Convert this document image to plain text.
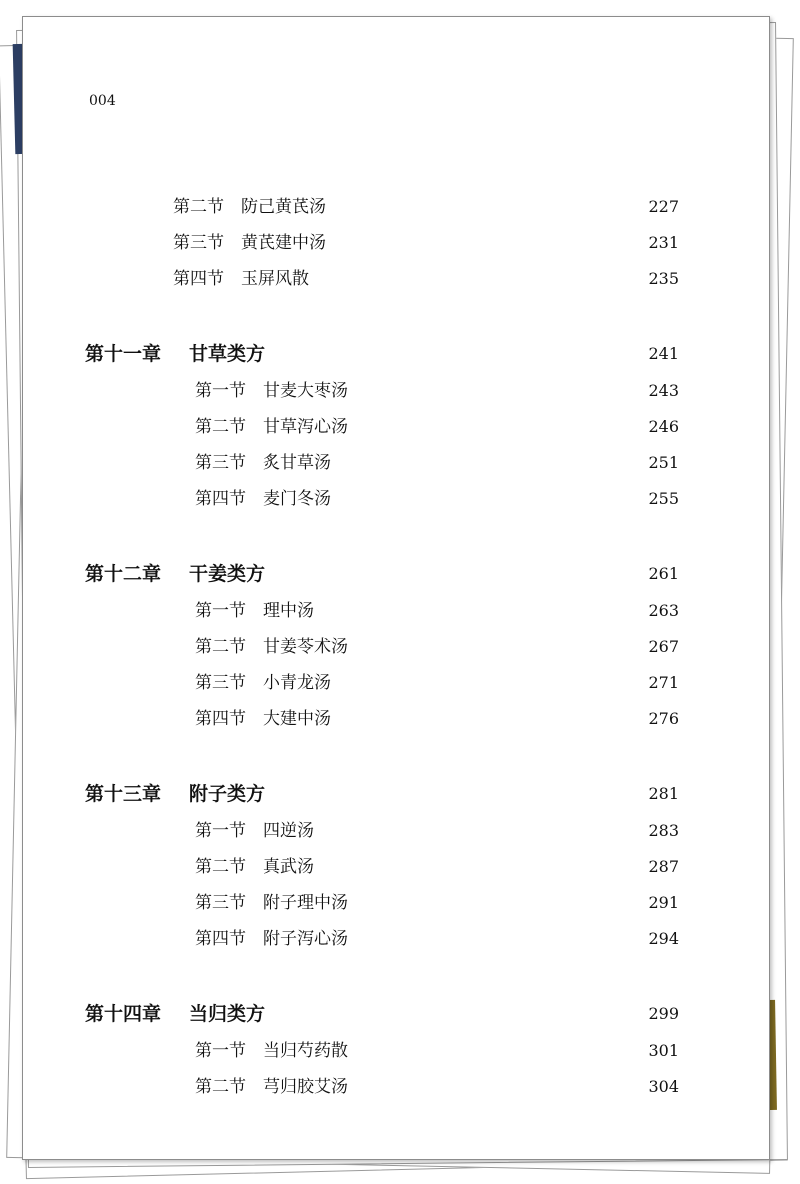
004
第二节　防己黄芪汤	227
第三节　黄芪建中汤	231
第四节　玉屏风散	235
第十一章 甘草类方	241
第一节　甘麦大枣汤	243
第二节　甘草泻心汤	246
第三节　炙甘草汤	251
第四节　麦门冬汤	255
第十二章 干姜类方	261
第一节　理中汤	263
第二节　甘姜苓术汤	267
第三节　小青龙汤	271
第四节　大建中汤	276
第十三章 附子类方	281
第一节　四逆汤	283
第二节　真武汤	287
第三节　附子理中汤	291
第四节　附子泻心汤	294
第十四章 当归类方	299
第一节　当归芍药散	301
第二节　芎归胶艾汤	304
